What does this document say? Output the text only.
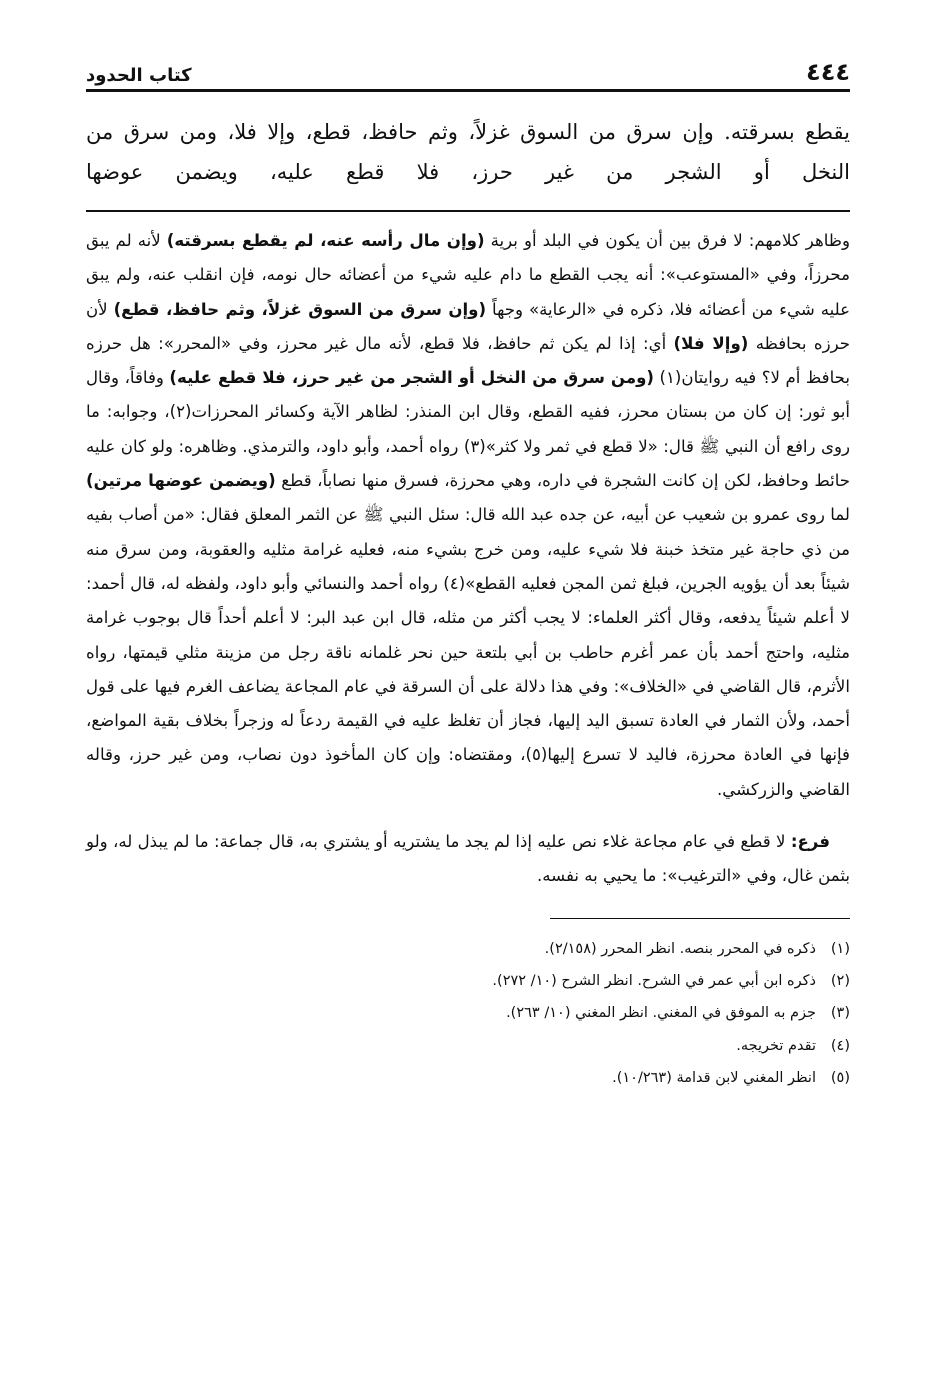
٤٤٤
كتاب الحدود

يقطع بسرقته. وإن سرق من السوق غزلاً، وثم حافظ، قطع، وإلا فلا، ومن سرق من النخل أو الشجر من غير حرز، فلا قطع عليه، ويضمن عوضها

وظاهر كلامهم: لا فرق بين أن يكون في البلد أو برية (وإن مال رأسه عنه، لم يقطع بسرقته) لأنه لم يبق محرزاً، وفي «المستوعب»: أنه يجب القطع ما دام عليه شيء من أعضائه حال نومه، فإن انقلب عنه، ولم يبق عليه شيء من أعضائه فلا، ذكره في «الرعاية» وجهاً (وإن سرق من السوق غزلاً، وثم حافظ، قطع) لأن حرزه بحافظه (وإلا فلا) أي: إذا لم يكن ثم حافظ، فلا قطع، لأنه مال غير محرز، وفي «المحرر»: هل حرزه بحافظ أم لا؟ فيه روايتان(١) (ومن سرق من النخل أو الشجر من غير حرز، فلا قطع عليه) وفاقاً، وقال أبو ثور: إن كان من بستان محرز، ففيه القطع، وقال ابن المنذر: لظاهر الآية وكسائر المحرزات(٢)، وجوابه: ما روى رافع أن النبي ﷺ قال: «لا قطع في ثمر ولا كثر»(٣) رواه أحمد، وأبو داود، والترمذي. وظاهره: ولو كان عليه حائط وحافظ، لكن إن كانت الشجرة في داره، وهي محرزة، فسرق منها نصاباً، قطع (ويضمن عوضها مرتين) لما روى عمرو بن شعيب عن أبيه، عن جده عبد الله قال: سئل النبي ﷺ عن الثمر المعلق فقال: «من أصاب بفيه من ذي حاجة غير متخذ خبنة فلا شيء عليه، ومن خرج بشيء منه، فعليه غرامة مثليه والعقوبة، ومن سرق منه شيئاً بعد أن يؤويه الجرين، فبلغ ثمن المجن فعليه القطع»(٤) رواه أحمد والنسائي وأبو داود، ولفظه له، قال أحمد: لا أعلم شيئاً يدفعه، وقال أكثر العلماء: لا يجب أكثر من مثله، قال ابن عبد البر: لا أعلم أحداً قال بوجوب غرامة مثليه، واحتج أحمد بأن عمر أغرم حاطب بن أبي بلتعة حين نحر غلمانه ناقة رجل من مزينة مثلي قيمتها، رواه الأثرم، قال القاضي في «الخلاف»: وفي هذا دلالة على أن السرقة في عام المجاعة يضاعف الغرم فيها على قول أحمد، ولأن الثمار في العادة تسبق اليد إليها، فجاز أن تغلظ عليه في القيمة ردعاً له وزجراً بخلاف بقية المواضع، فإنها في العادة محرزة، فاليد لا تسرع إليها(٥)، ومقتضاه: وإن كان المأخوذ دون نصاب، ومن غير حرز، وقاله القاضي والزركشي.

فرع: لا قطع في عام مجاعة غلاء نص عليه إذا لم يجد ما يشتريه أو يشتري به، قال جماعة: ما لم يبذل له، ولو بثمن غال، وفي «الترغيب»: ما يحيي به نفسه.

(١)
ذكره في المحرر بنصه. انظر المحرر (٢/١٥٨).
(٢)
ذكره ابن أبي عمر في الشرح. انظر الشرح (١٠/ ٢٧٢).
(٣)
جزم به الموفق في المغني. انظر المغني (١٠/ ٢٦٣).
(٤)
تقدم تخريجه.
(٥)
انظر المغني لابن قدامة (١٠/٢٦٣).
